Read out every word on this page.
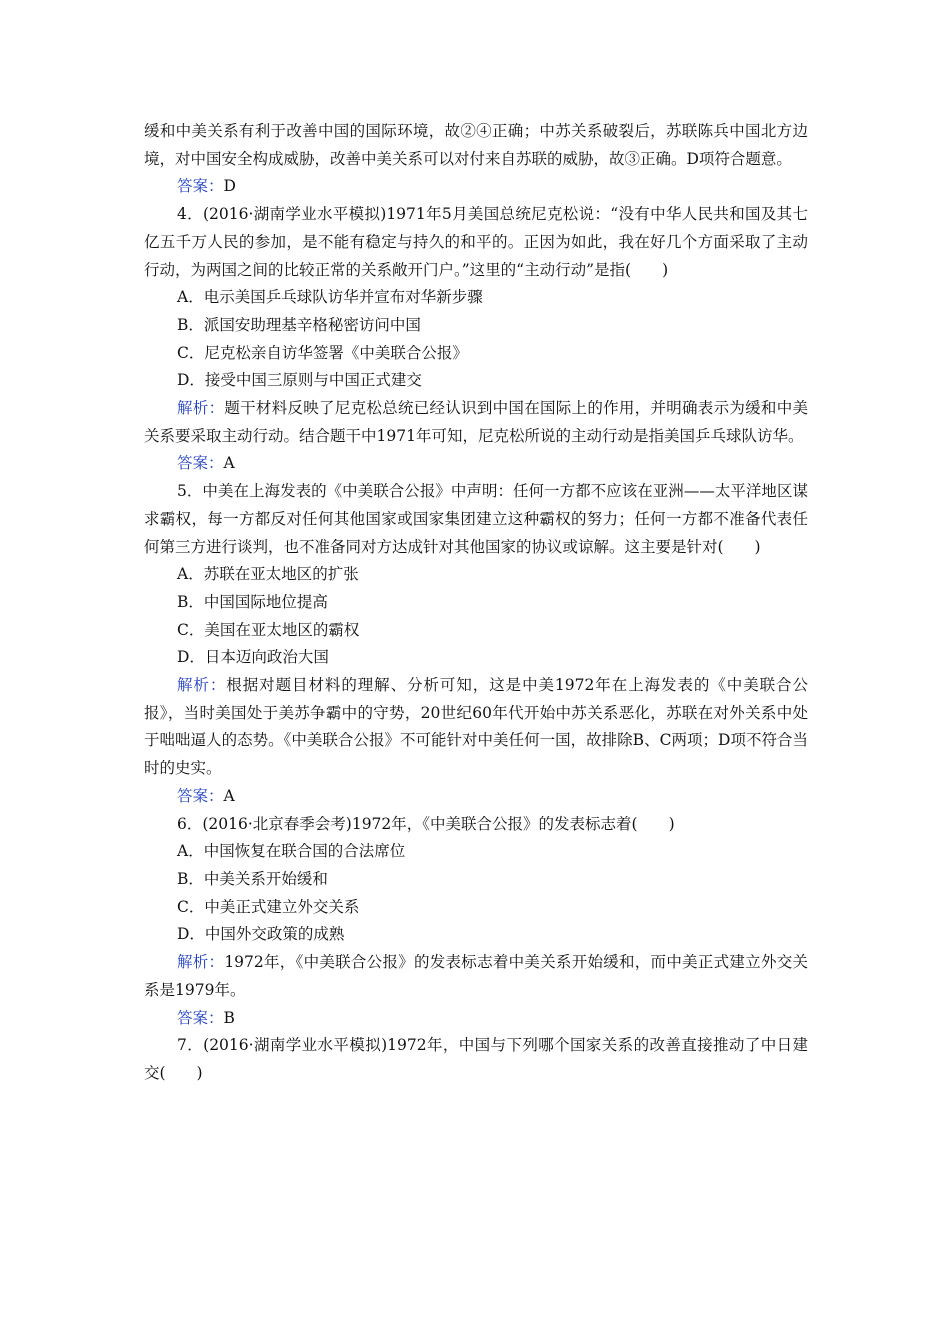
缓和中美关系有利于改善中国的国际环境，故②④正确；中苏关系破裂后，苏联陈兵中国北方边境，对中国安全构成威胁，改善中美关系可以对付来自苏联的威胁，故③正确。D项符合题意。

答案：D

4．(2016·湖南学业水平模拟)1971年5月美国总统尼克松说：“没有中华人民共和国及其七亿五千万人民的参加，是不能有稳定与持久的和平的。正因为如此，我在好几个方面采取了主动行动，为两国之间的比较正常的关系敞开门户。”这里的“主动行动”是指(　　)

A．电示美国乒乓球队访华并宣布对华新步骤

B．派国安助理基辛格秘密访问中国

C．尼克松亲自访华签署《中美联合公报》

D．接受中国三原则与中国正式建交

解析：题干材料反映了尼克松总统已经认识到中国在国际上的作用，并明确表示为缓和中美关系要采取主动行动。结合题干中1971年可知，尼克松所说的主动行动是指美国乒乓球队访华。

答案：A

5．中美在上海发表的《中美联合公报》中声明：任何一方都不应该在亚洲——太平洋地区谋求霸权，每一方都反对任何其他国家或国家集团建立这种霸权的努力；任何一方都不准备代表任何第三方进行谈判，也不准备同对方达成针对其他国家的协议或谅解。这主要是针对(　　)

A．苏联在亚太地区的扩张

B．中国国际地位提高

C．美国在亚太地区的霸权

D．日本迈向政治大国

解析：根据对题目材料的理解、分析可知，这是中美1972年在上海发表的《中美联合公报》，当时美国处于美苏争霸中的守势，20世纪60年代开始中苏关系恶化，苏联在对外关系中处于咄咄逼人的态势。《中美联合公报》不可能针对中美任何一国，故排除B、C两项；D项不符合当时的史实。

答案：A

6．(2016·北京春季会考)1972年，《中美联合公报》的发表标志着(　　)

A．中国恢复在联合国的合法席位

B．中美关系开始缓和

C．中美正式建立外交关系

D．中国外交政策的成熟

解析：1972年，《中美联合公报》的发表标志着中美关系开始缓和，而中美正式建立外交关系是1979年。

答案：B

7．(2016·湖南学业水平模拟)1972年，中国与下列哪个国家关系的改善直接推动了中日建交(　　)
